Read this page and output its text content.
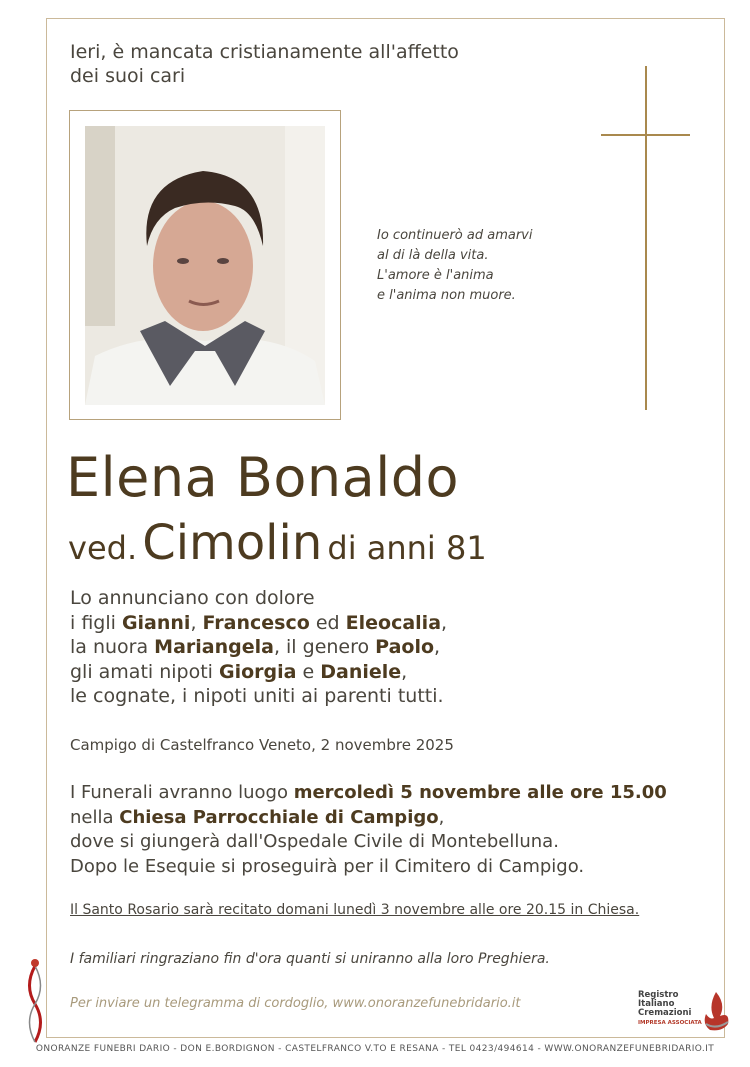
Ieri, è mancata cristianamente all'affetto
dei suoi cari
Io continuerò ad amarvi
al di là della vita.
L'amore è l'anima
e l'anima non muore.
Elena Bonaldo
ved. Cimolin di anni 81
Lo annunciano con dolore
i figli Gianni, Francesco ed Eleocalia,
la nuora Mariangela, il genero Paolo,
gli amati nipoti Giorgia e Daniele,
le cognate, i nipoti uniti ai parenti tutti.
Campigo di Castelfranco Veneto, 2 novembre 2025
I Funerali avranno luogo mercoledì 5 novembre alle ore 15.00
nella Chiesa Parrocchiale di Campigo,
dove si giungerà dall'Ospedale Civile di Montebelluna.
Dopo le Esequie si proseguirà per il Cimitero di Campigo.
Il Santo Rosario sarà recitato domani lunedì 3 novembre alle ore 20.15 in Chiesa.
I familiari ringraziano fin d'ora quanti si uniranno alla loro Preghiera.
Per inviare un telegramma di cordoglio, www.onoranzefunebridario.it
Registro
Italiano
Cremazioni
IMPRESA ASSOCIATA
ONORANZE FUNEBRI DARIO - DON E.BORDIGNON - CASTELFRANCO V.TO E RESANA - TEL 0423/494614 - WWW.ONORANZEFUNEBRIDARIO.IT
